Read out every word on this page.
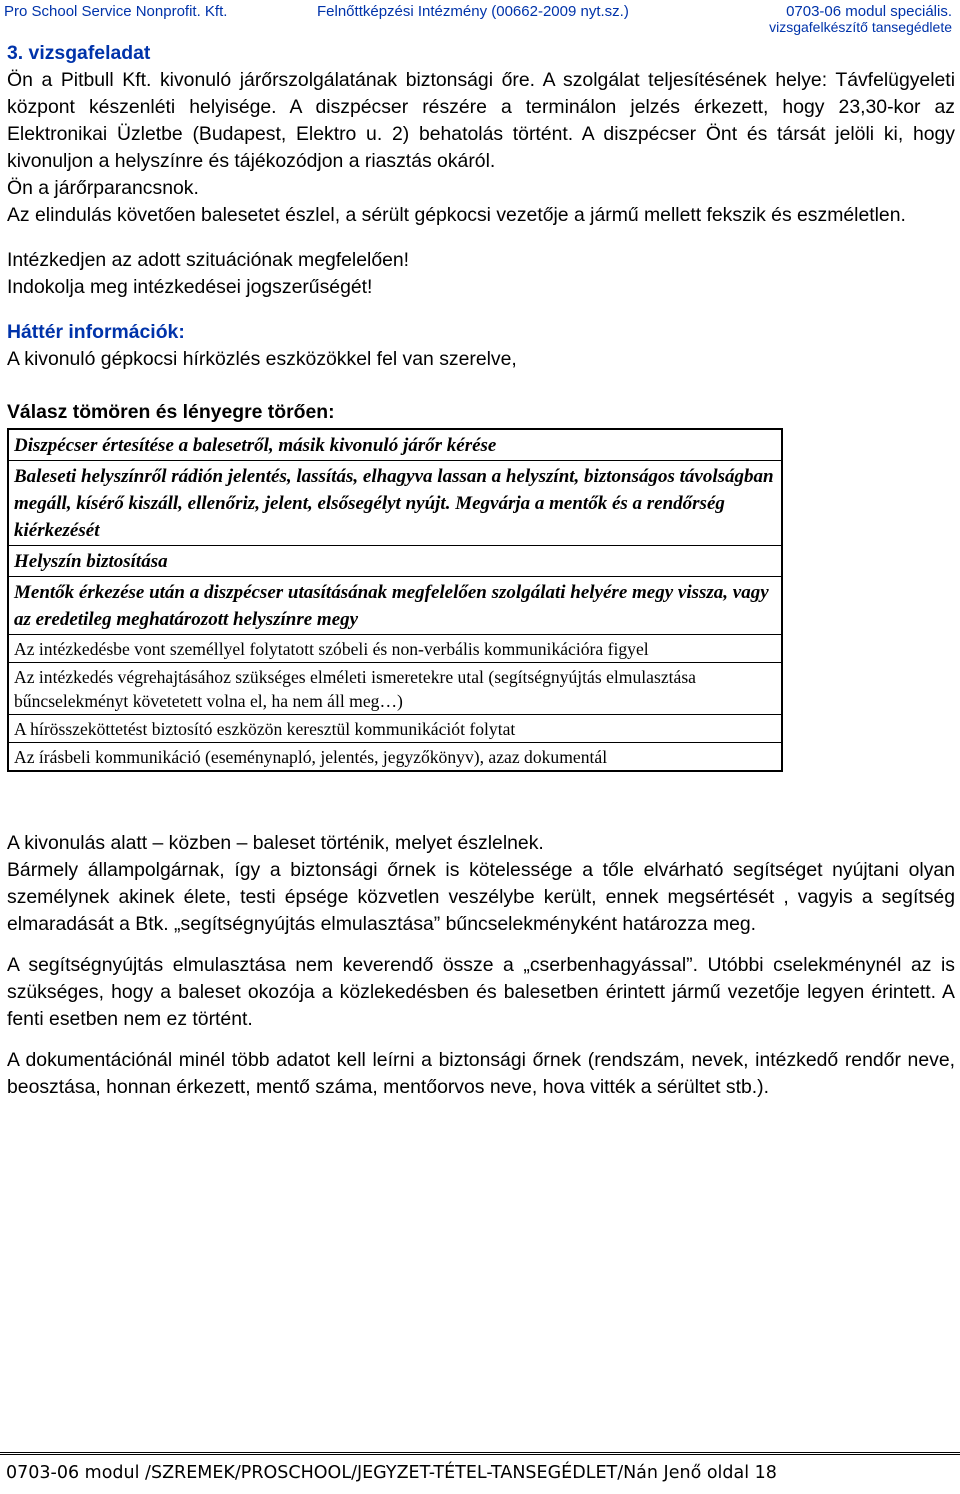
Pro School Service Nonprofit. Kft.	Felnőttképzési Intézmény (00662-2009 nyt.sz.)	0703-06 modul speciális.
vizsgafelkészítő tansegédlete

3. vizsgafeladat

Ön a Pitbull Kft. kivonuló járőrszolgálatának biztonsági őre. A szolgálat teljesítésének helye: Távfelügyeleti központ készenléti helyisége. A diszpécser részére a terminálon jelzés érkezett, hogy 23,30-kor az Elektronikai Üzletbe (Budapest, Elektro u. 2) behatolás történt. A diszpécser Önt és társát jelöli ki, hogy kivonuljon a helyszínre és tájékozódjon a riasztás okáról.

Ön a járőrparancsnok.

Az elindulás követően balesetet észlel, a sérült gépkocsi vezetője a jármű mellett fekszik és eszméletlen.

Intézkedjen az adott szituációnak megfelelően!

Indokolja meg intézkedései jogszerűségét!

Háttér információk:

A kivonuló gépkocsi hírközlés eszközökkel fel van szerelve,

Válasz tömören és lényegre törően:

Diszpécser értesítése a balesetről, másik kivonuló járőr kérése
Baleseti helyszínről rádión jelentés, lassítás, elhagyva lassan a helyszínt, biztonságos távolságban megáll, kísérő kiszáll, ellenőriz, jelent, elsősegélyt nyújt. Megvárja a mentők és a rendőrség kiérkezését
Helyszín biztosítása
Mentők érkezése után a diszpécser utasításának megfelelően szolgálati helyére megy vissza, vagy az eredetileg meghatározott helyszínre megy
Az intézkedésbe vont személlyel folytatott szóbeli és non-verbális kommunikációra figyel
Az intézkedés végrehajtásához szükséges elméleti ismeretekre utal (segítségnyújtás elmulasztása bűncselekményt követetett volna el, ha nem áll meg…)
A hírösszeköttetést biztosító eszközön keresztül kommunikációt folytat
Az írásbeli kommunikáció (eseménynapló, jelentés, jegyzőkönyv), azaz dokumentál

A kivonulás alatt – közben – baleset történik, melyet észlelnek.

Bármely állampolgárnak, így a biztonsági őrnek is kötelessége a tőle elvárható segítséget nyújtani olyan személynek akinek élete, testi épsége közvetlen veszélybe került, ennek megsértését , vagyis a segítség elmaradását a Btk. „segítségnyújtás elmulasztása” bűncselekményként határozza meg.

A segítségnyújtás elmulasztása nem keverendő össze a „cserbenhagyással”. Utóbbi cselekménynél az is szükséges, hogy a baleset okozója a közlekedésben és balesetben érintett jármű vezetője legyen érintett. A fenti esetben nem ez történt.

A dokumentációnál minél több adatot kell leírni a biztonsági őrnek (rendszám, nevek, intézkedő rendőr neve, beosztása, honnan érkezett, mentő száma, mentőorvos neve, hova vitték a sérültet stb.).

0703-06 modul /SZREMEK/PROSCHOOL/JEGYZET-TÉTEL-TANSEGÉDLET/Nán Jenő oldal 18
